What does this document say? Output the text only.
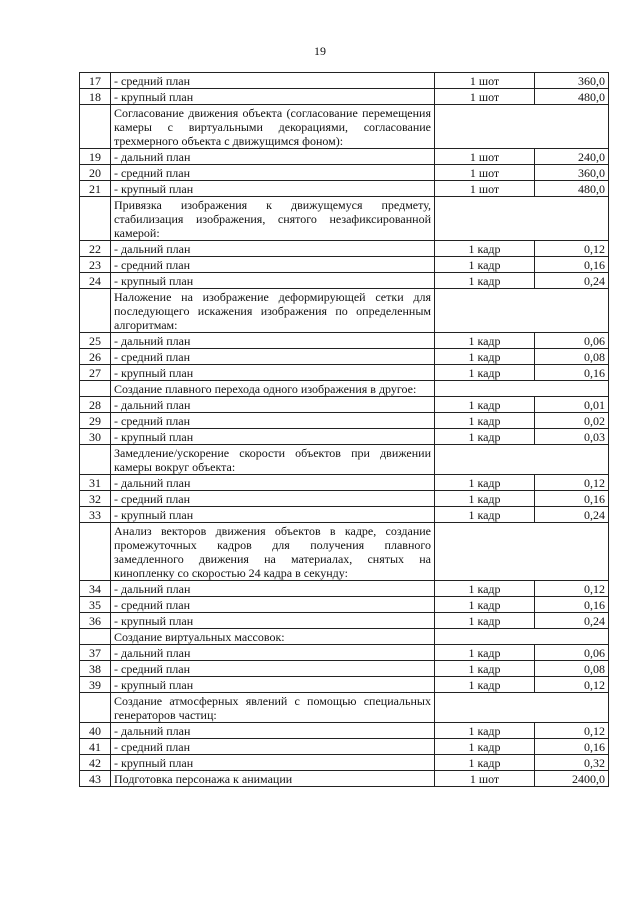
19
17	- средний план	1 шот	360,0
18	- крупный план	1 шот	480,0
	Согласование движения объекта (согласование перемещения камеры с виртуальными декорациями, согласование трехмерного объекта с движущимся фоном):		
19	- дальний план	1 шот	240,0
20	- средний план	1 шот	360,0
21	- крупный план	1 шот	480,0
	Привязка изображения к движущемуся предмету, стабилизация изображения, снятого незафиксированной камерой:		
22	- дальний план	1 кадр	0,12
23	- средний план	1 кадр	0,16
24	- крупный план	1 кадр	0,24
	Наложение на изображение деформирующей сетки для последующего искажения изображения по определенным алгоритмам:		
25	- дальний план	1 кадр	0,06
26	- средний план	1 кадр	0,08
27	- крупный план	1 кадр	0,16
	Создание плавного перехода одного изображения в другое:		
28	- дальний план	1 кадр	0,01
29	- средний план	1 кадр	0,02
30	- крупный план	1 кадр	0,03
	Замедление/ускорение скорости объектов при движении камеры вокруг объекта:		
31	- дальний план	1 кадр	0,12
32	- средний план	1 кадр	0,16
33	- крупный план	1 кадр	0,24
	Анализ векторов движения объектов в кадре, создание промежуточных кадров для получения плавного замедленного движения на материалах, снятых на кинопленку со скоростью 24 кадра в секунду:		
34	- дальний план	1 кадр	0,12
35	- средний план	1 кадр	0,16
36	- крупный план	1 кадр	0,24
	Создание виртуальных массовок:		
37	- дальний план	1 кадр	0,06
38	- средний план	1 кадр	0,08
39	- крупный план	1 кадр	0,12
	Создание атмосферных явлений с помощью специальных генераторов частиц:		
40	- дальний план	1 кадр	0,12
41	- средний план	1 кадр	0,16
42	- крупный план	1 кадр	0,32
43	Подготовка персонажа к анимации	1 шот	2400,0
